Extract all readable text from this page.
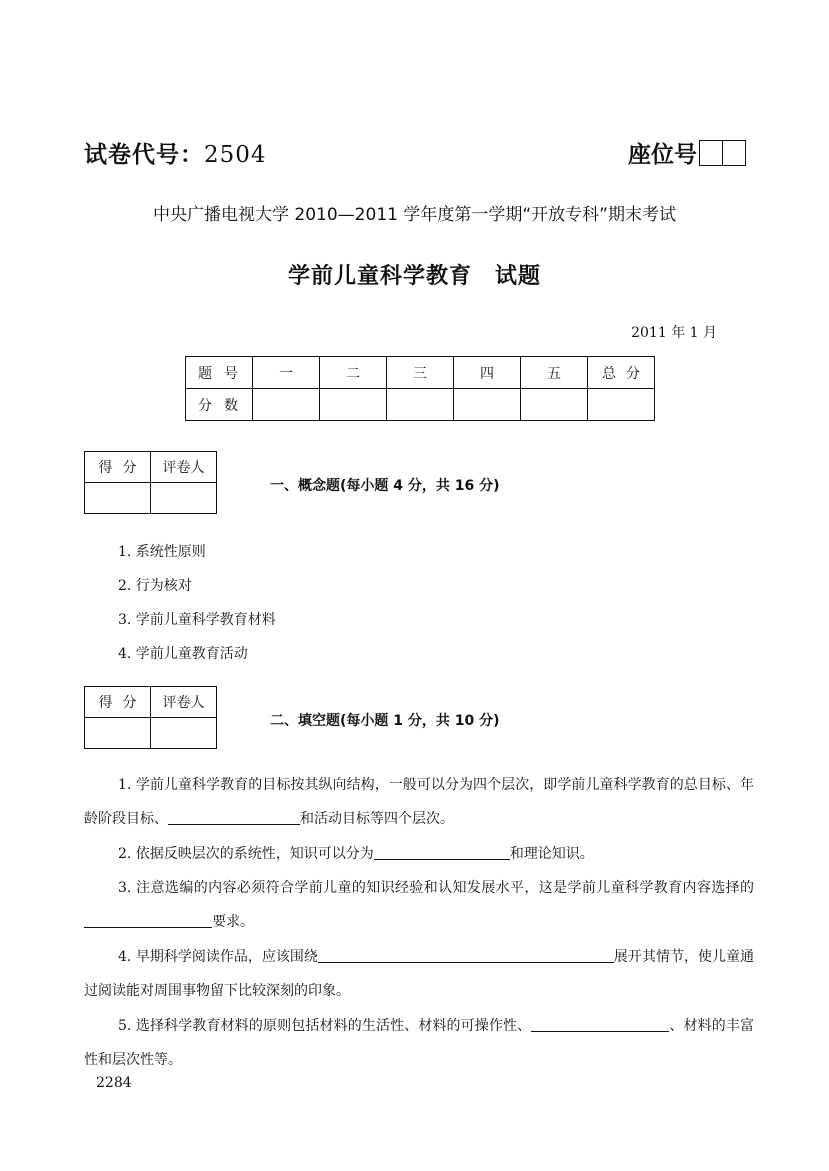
试卷代号：2504	座位号
中央广播电视大学 2010—2011 学年度第一学期“开放专科”期末考试
学前儿童科学教育　试题
2011 年 1 月
题号	一	二	三	四	五	总分
分数						
得分	评卷人

一、概念题(每小题 4 分，共 16 分)
1. 系统性原则
2. 行为核对
3. 学前儿童科学教育材料
4. 学前儿童教育活动
得分	评卷人

二、填空题(每小题 1 分，共 10 分)
1. 学前儿童科学教育的目标按其纵向结构，一般可以分为四个层次，即学前儿童科学教育的总目标、年龄阶段目标、	和活动目标等四个层次。
2. 依据反映层次的系统性，知识可以分为	和理论知识。
3. 注意选编的内容必须符合学前儿童的知识经验和认知发展水平，这是学前儿童科学教育内容选择的要求。
4. 早期科学阅读作品，应该围绕	展开其情节，使儿童通过阅读能对周围事物留下比较深刻的印象。
5. 选择科学教育材料的原则包括材料的生活性、材料的可操作性、	、材料的丰富性和层次性等。
2284
